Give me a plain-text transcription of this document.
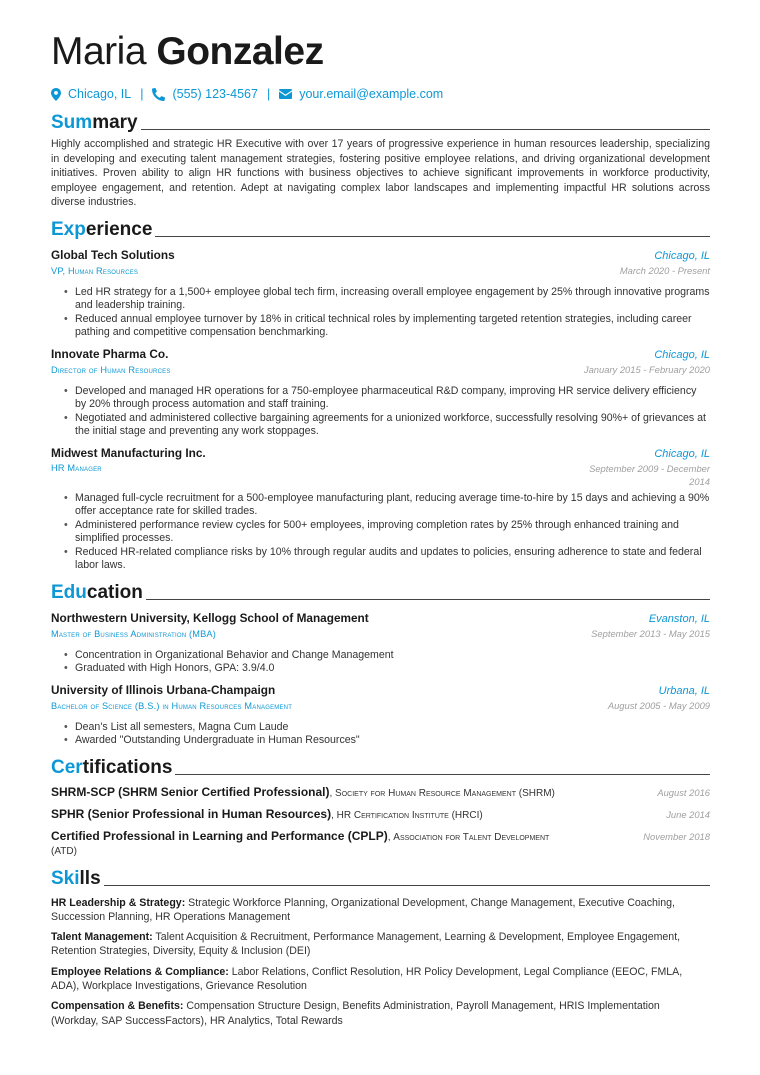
Maria Gonzalez
Chicago, IL | (555) 123-4567 | your.email@example.com
Summary

Highly accomplished and strategic HR Executive with over 17 years of progressive experience in human resources leadership, specializing in developing and executing talent management strategies, fostering positive employee relations, and driving organizational development initiatives. Proven ability to align HR functions with business objectives to achieve significant improvements in workforce productivity, employee engagement, and retention. Adept at navigating complex labor landscapes and implementing impactful HR solutions across diverse industries.

Experience
Global Tech Solutions	Chicago, IL
VP, Human Resources	March 2020 - Present
• Led HR strategy for a 1,500+ employee global tech firm, increasing overall employee engagement by 25% through innovative programs and leadership training.
• Reduced annual employee turnover by 18% in critical technical roles by implementing targeted retention strategies, including career pathing and competitive compensation benchmarking.
Innovate Pharma Co.	Chicago, IL
Director of Human Resources	January 2015 - February 2020
• Developed and managed HR operations for a 750-employee pharmaceutical R&D company, improving HR service delivery efficiency by 20% through process automation and staff training.
• Negotiated and administered collective bargaining agreements for a unionized workforce, successfully resolving 90%+ of grievances at the initial stage and preventing any work stoppages.
Midwest Manufacturing Inc.	Chicago, IL
HR Manager	September 2009 - December
2014
• Managed full-cycle recruitment for a 500-employee manufacturing plant, reducing average time-to-hire by 15 days and achieving a 90% offer acceptance rate for skilled trades.
• Administered performance review cycles for 500+ employees, improving completion rates by 25% through enhanced training and simplified processes.
• Reduced HR-related compliance risks by 10% through regular audits and updates to policies, ensuring adherence to state and federal labor laws.
Education
Northwestern University, Kellogg School of Management	Evanston, IL
Master of Business Administration (MBA)	September 2013 - May 2015
• Concentration in Organizational Behavior and Change Management
• Graduated with High Honors, GPA: 3.9/4.0
University of Illinois Urbana-Champaign	Urbana, IL
Bachelor of Science (B.S.) in Human Resources Management	August 2005 - May 2009
• Dean's List all semesters, Magna Cum Laude
• Awarded "Outstanding Undergraduate in Human Resources"
Certifications
SHRM-SCP (SHRM Senior Certified Professional), Society for Human Resource Management (SHRM)	August 2016
SPHR (Senior Professional in Human Resources), HR Certification Institute (HRCI)	June 2014
Certified Professional in Learning and Performance (CPLP), Association for Talent Development
(ATD)
November 2018
Skills

HR Leadership & Strategy: Strategic Workforce Planning, Organizational Development, Change Management, Executive Coaching, Succession Planning, HR Operations Management

Talent Management: Talent Acquisition & Recruitment, Performance Management, Learning & Development, Employee Engagement, Retention Strategies, Diversity, Equity & Inclusion (DEI)

Employee Relations & Compliance: Labor Relations, Conflict Resolution, HR Policy Development, Legal Compliance (EEOC, FMLA, ADA), Workplace Investigations, Grievance Resolution

Compensation & Benefits: Compensation Structure Design, Benefits Administration, Payroll Management, HRIS Implementation (Workday, SAP SuccessFactors), HR Analytics, Total Rewards
